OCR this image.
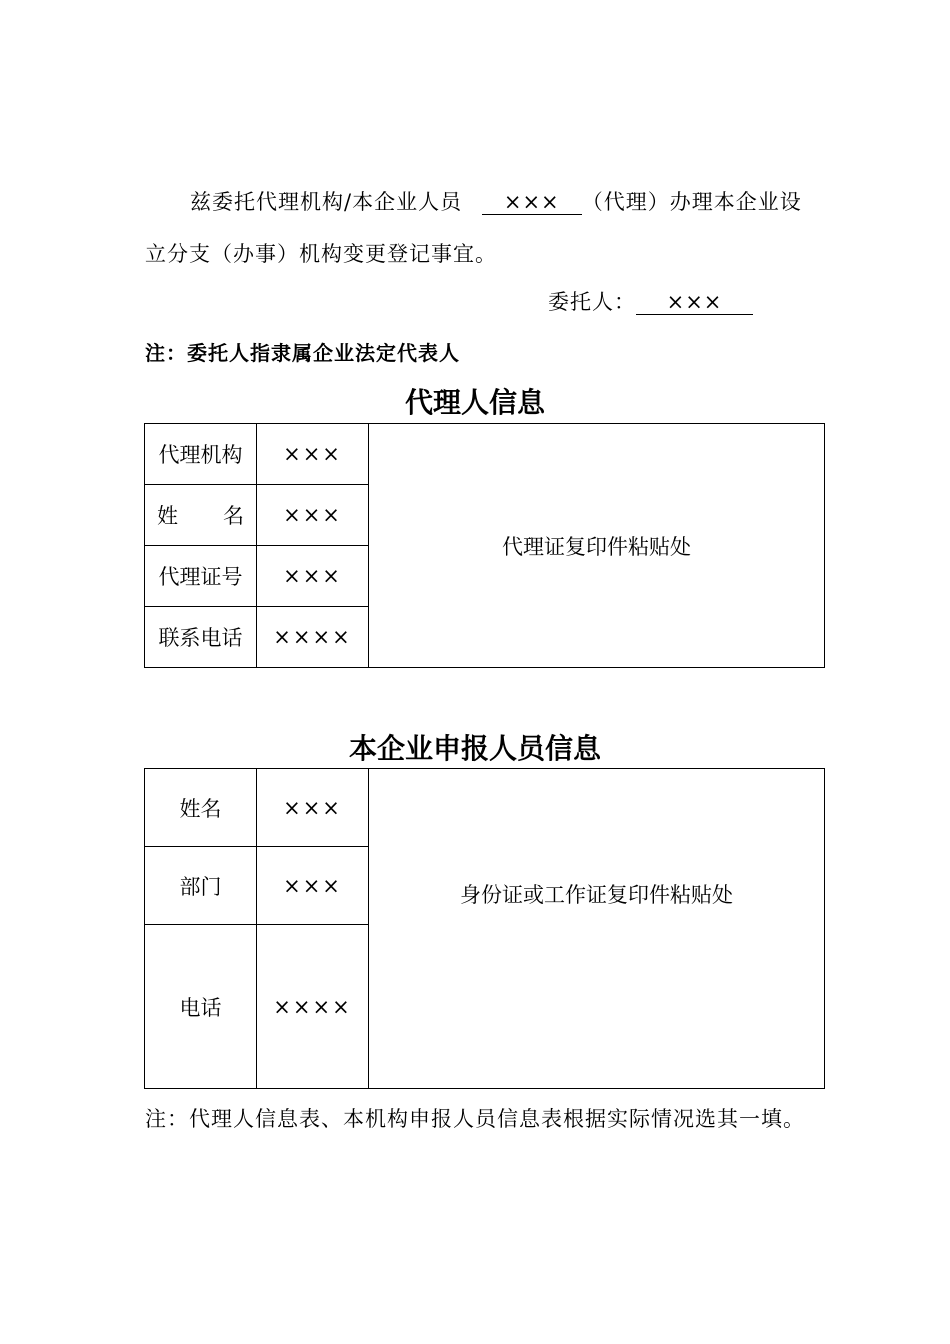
兹委托代理机构/本企业人员 ××× （代理）办理本企业设
立分支（办事）机构变更登记事宜。
委托人： ×××
注：委托人指隶属企业法定代表人
代理人信息
代理机构	×××	代理证复印件粘贴处

姓 名	×××	
代理证号	×××	
联系电话	××××	
本企业申报人员信息
姓名	×××	身份证或工作证复印件粘贴处
部门	×××	
电话	××××	
注：代理人信息表、本机构申报人员信息表根据实际情况选其一填。
